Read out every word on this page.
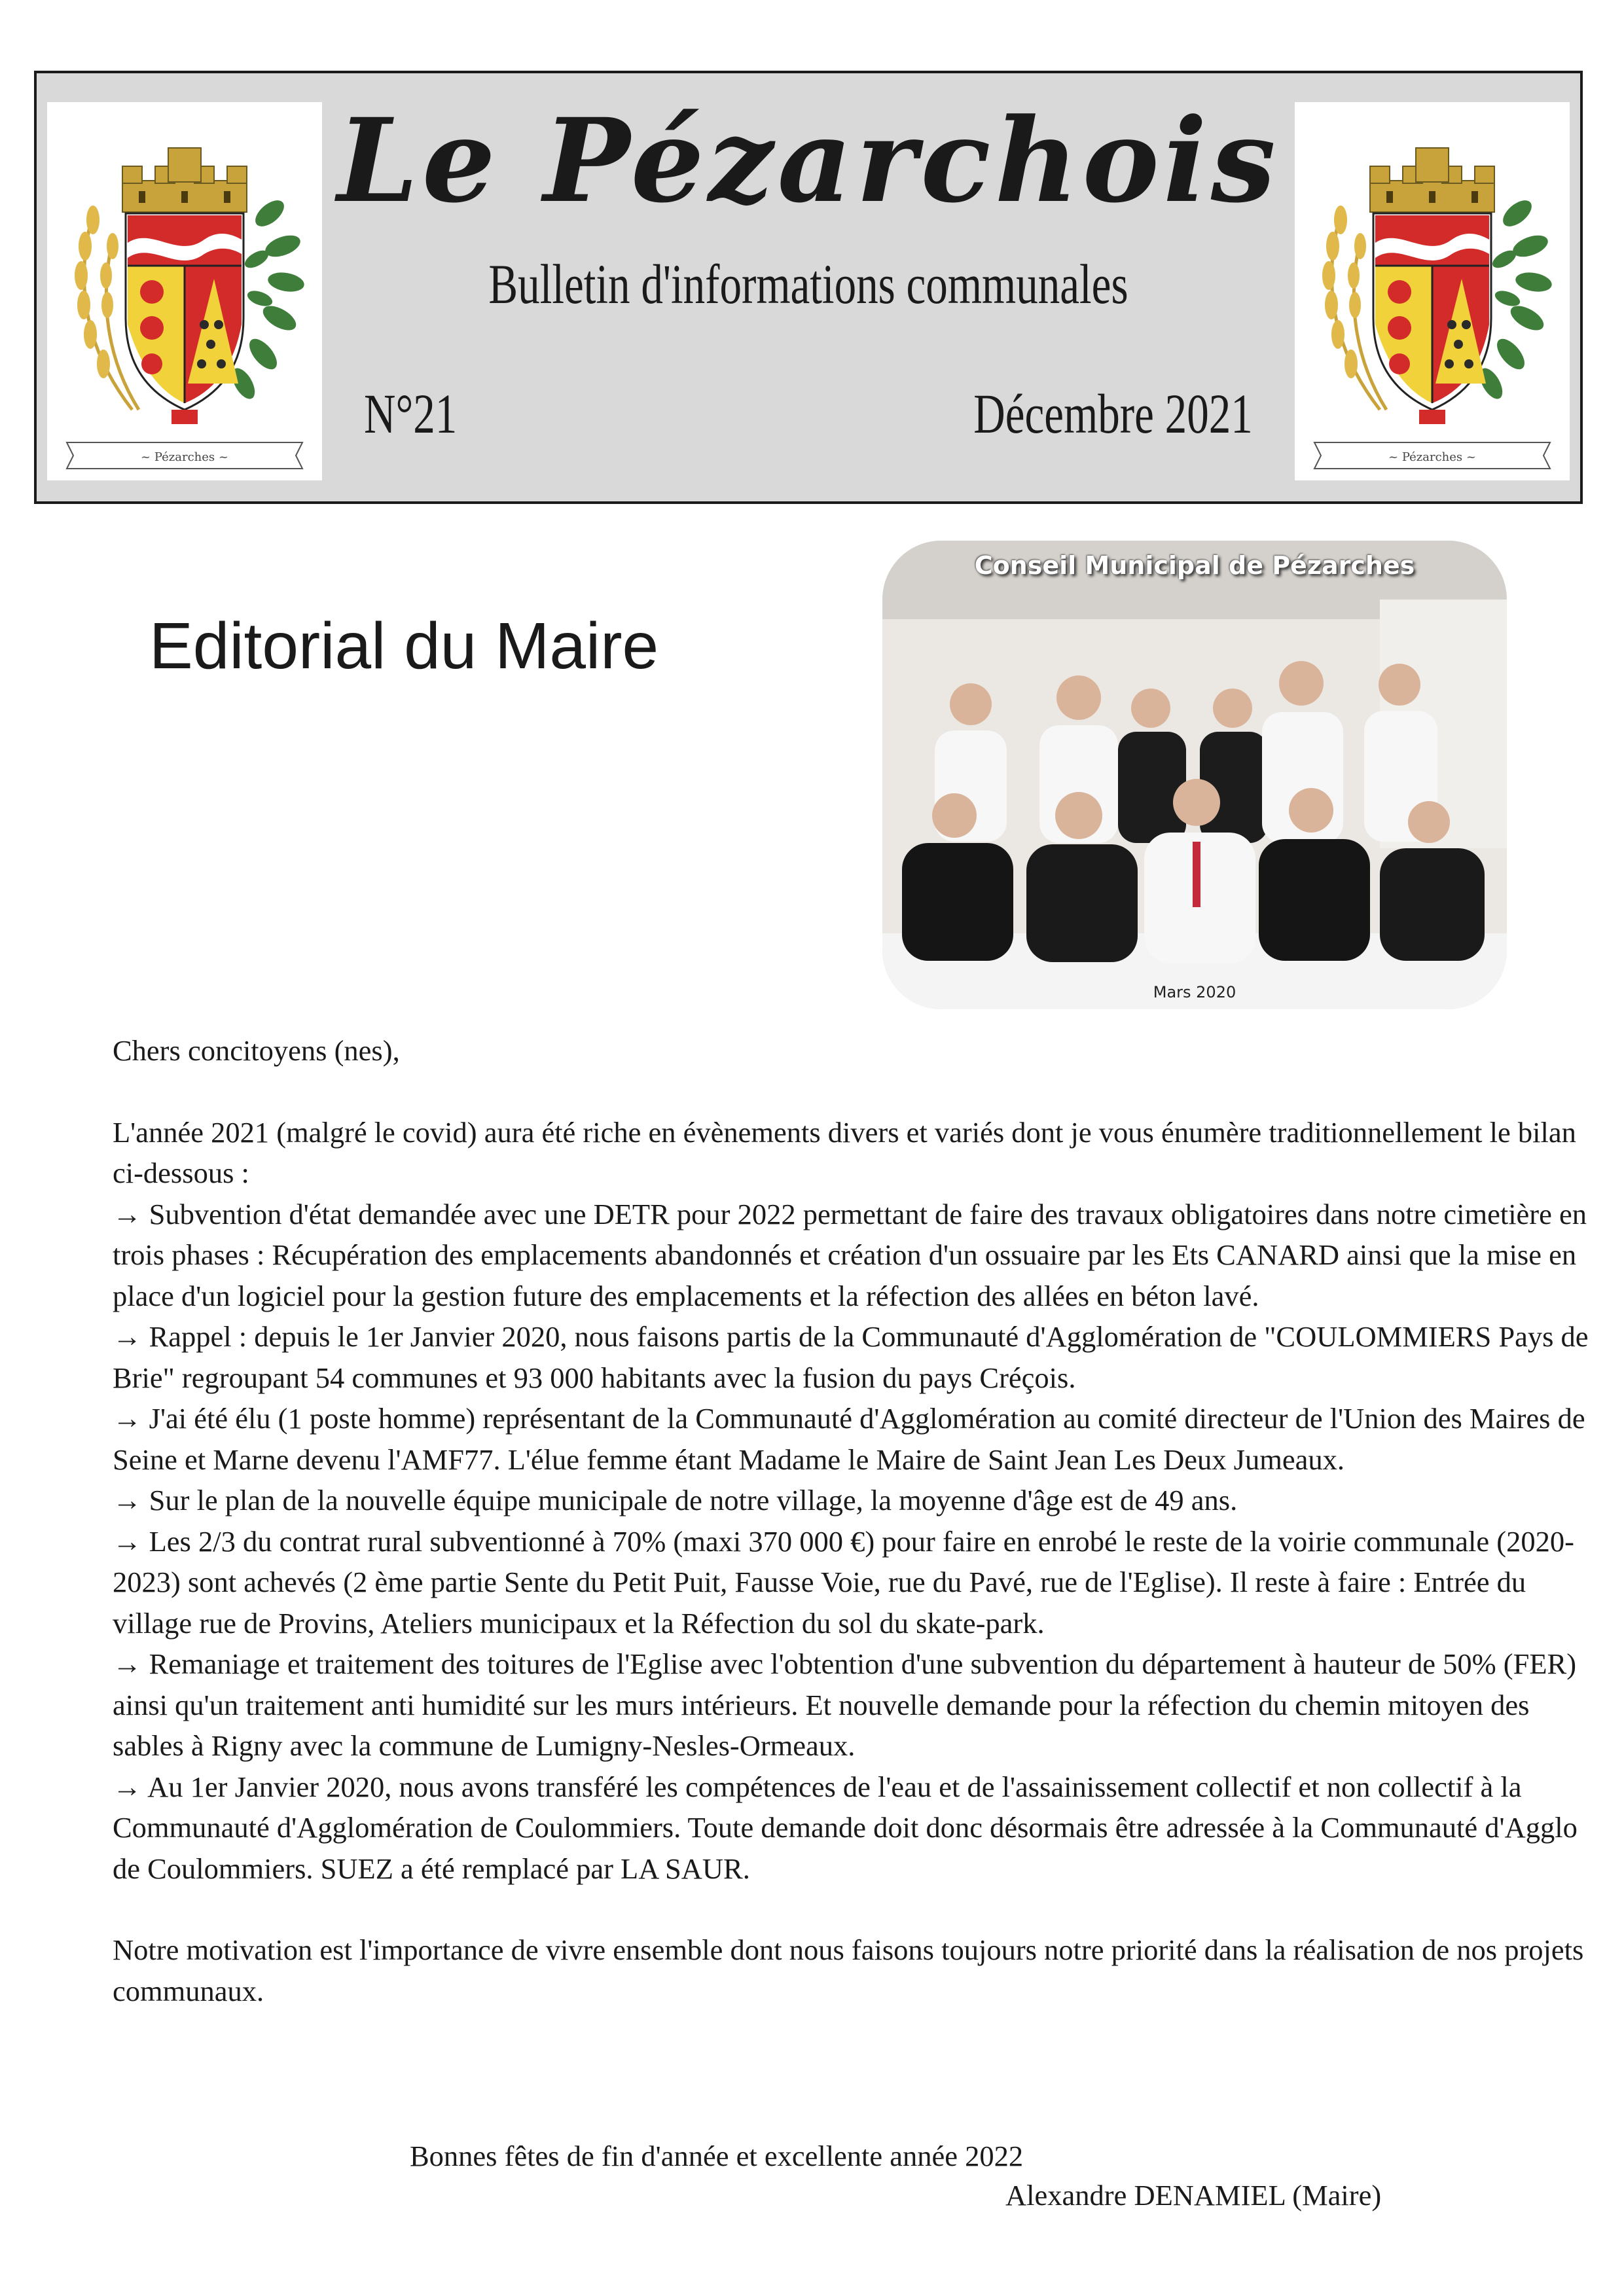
~ Pézarches ~
Le Pézarchois
Bulletin d'informations communales
N°21	Décembre 2021
~ Pézarches ~
Editorial du Maire
Conseil Municipal de Pézarches
Mars 2020

Chers concitoyens (nes),

L'année 2021 (malgré le covid) aura été riche en évènements divers et variés dont je vous énumère traditionnellement le bilan ci-dessous :

→ Subvention d'état demandée avec une DETR pour 2022 permettant de faire des travaux obligatoires dans notre cimetière en trois phases : Récupération des emplacements abandonnés et création d'un ossuaire par les Ets CANARD ainsi que la mise en place d'un logiciel pour la gestion future des emplacements et la réfection des allées en béton lavé.

→ Rappel : depuis le 1er Janvier 2020, nous faisons partis de la Communauté d'Agglomération de "COULOMMIERS Pays de Brie" regroupant 54 communes et 93 000 habitants avec la fusion du pays Créçois.

→ J'ai été élu (1 poste homme) représentant de la Communauté d'Agglomération au comité directeur de l'Union des Maires de Seine et Marne devenu l'AMF77. L'élue femme étant Madame le Maire de Saint Jean Les Deux Jumeaux.

→ Sur le plan de la nouvelle équipe municipale de notre village, la moyenne d'âge est de 49 ans.

→ Les 2/3 du contrat rural subventionné à 70% (maxi 370 000 €) pour faire en enrobé le reste de la voirie communale (2020-2023) sont achevés (2 ème partie Sente du Petit Puit, Fausse Voie, rue du Pavé, rue de l'Eglise). Il reste à faire : Entrée du village rue de Provins, Ateliers municipaux et la Réfection du sol du skate-park.

→ Remaniage et traitement des toitures de l'Eglise avec l'obtention d'une subvention du département à hauteur de 50% (FER) ainsi qu'un traitement anti humidité sur les murs intérieurs. Et nouvelle demande pour la réfection du chemin mitoyen des sables à Rigny avec la commune de Lumigny-Nesles-Ormeaux.

→ Au 1er Janvier 2020, nous avons transféré les compétences de l'eau et de l'assainissement collectif et non collectif à la Communauté d'Agglomération de Coulommiers. Toute demande doit donc désormais être adressée à la Communauté d'Agglo de Coulommiers. SUEZ a été remplacé par LA SAUR.

Notre motivation est l'importance de vivre ensemble dont nous faisons toujours notre priorité dans la réalisation de nos projets communaux.

Bonnes fêtes de fin d'année et excellente année 2022
Alexandre DENAMIEL (Maire)
